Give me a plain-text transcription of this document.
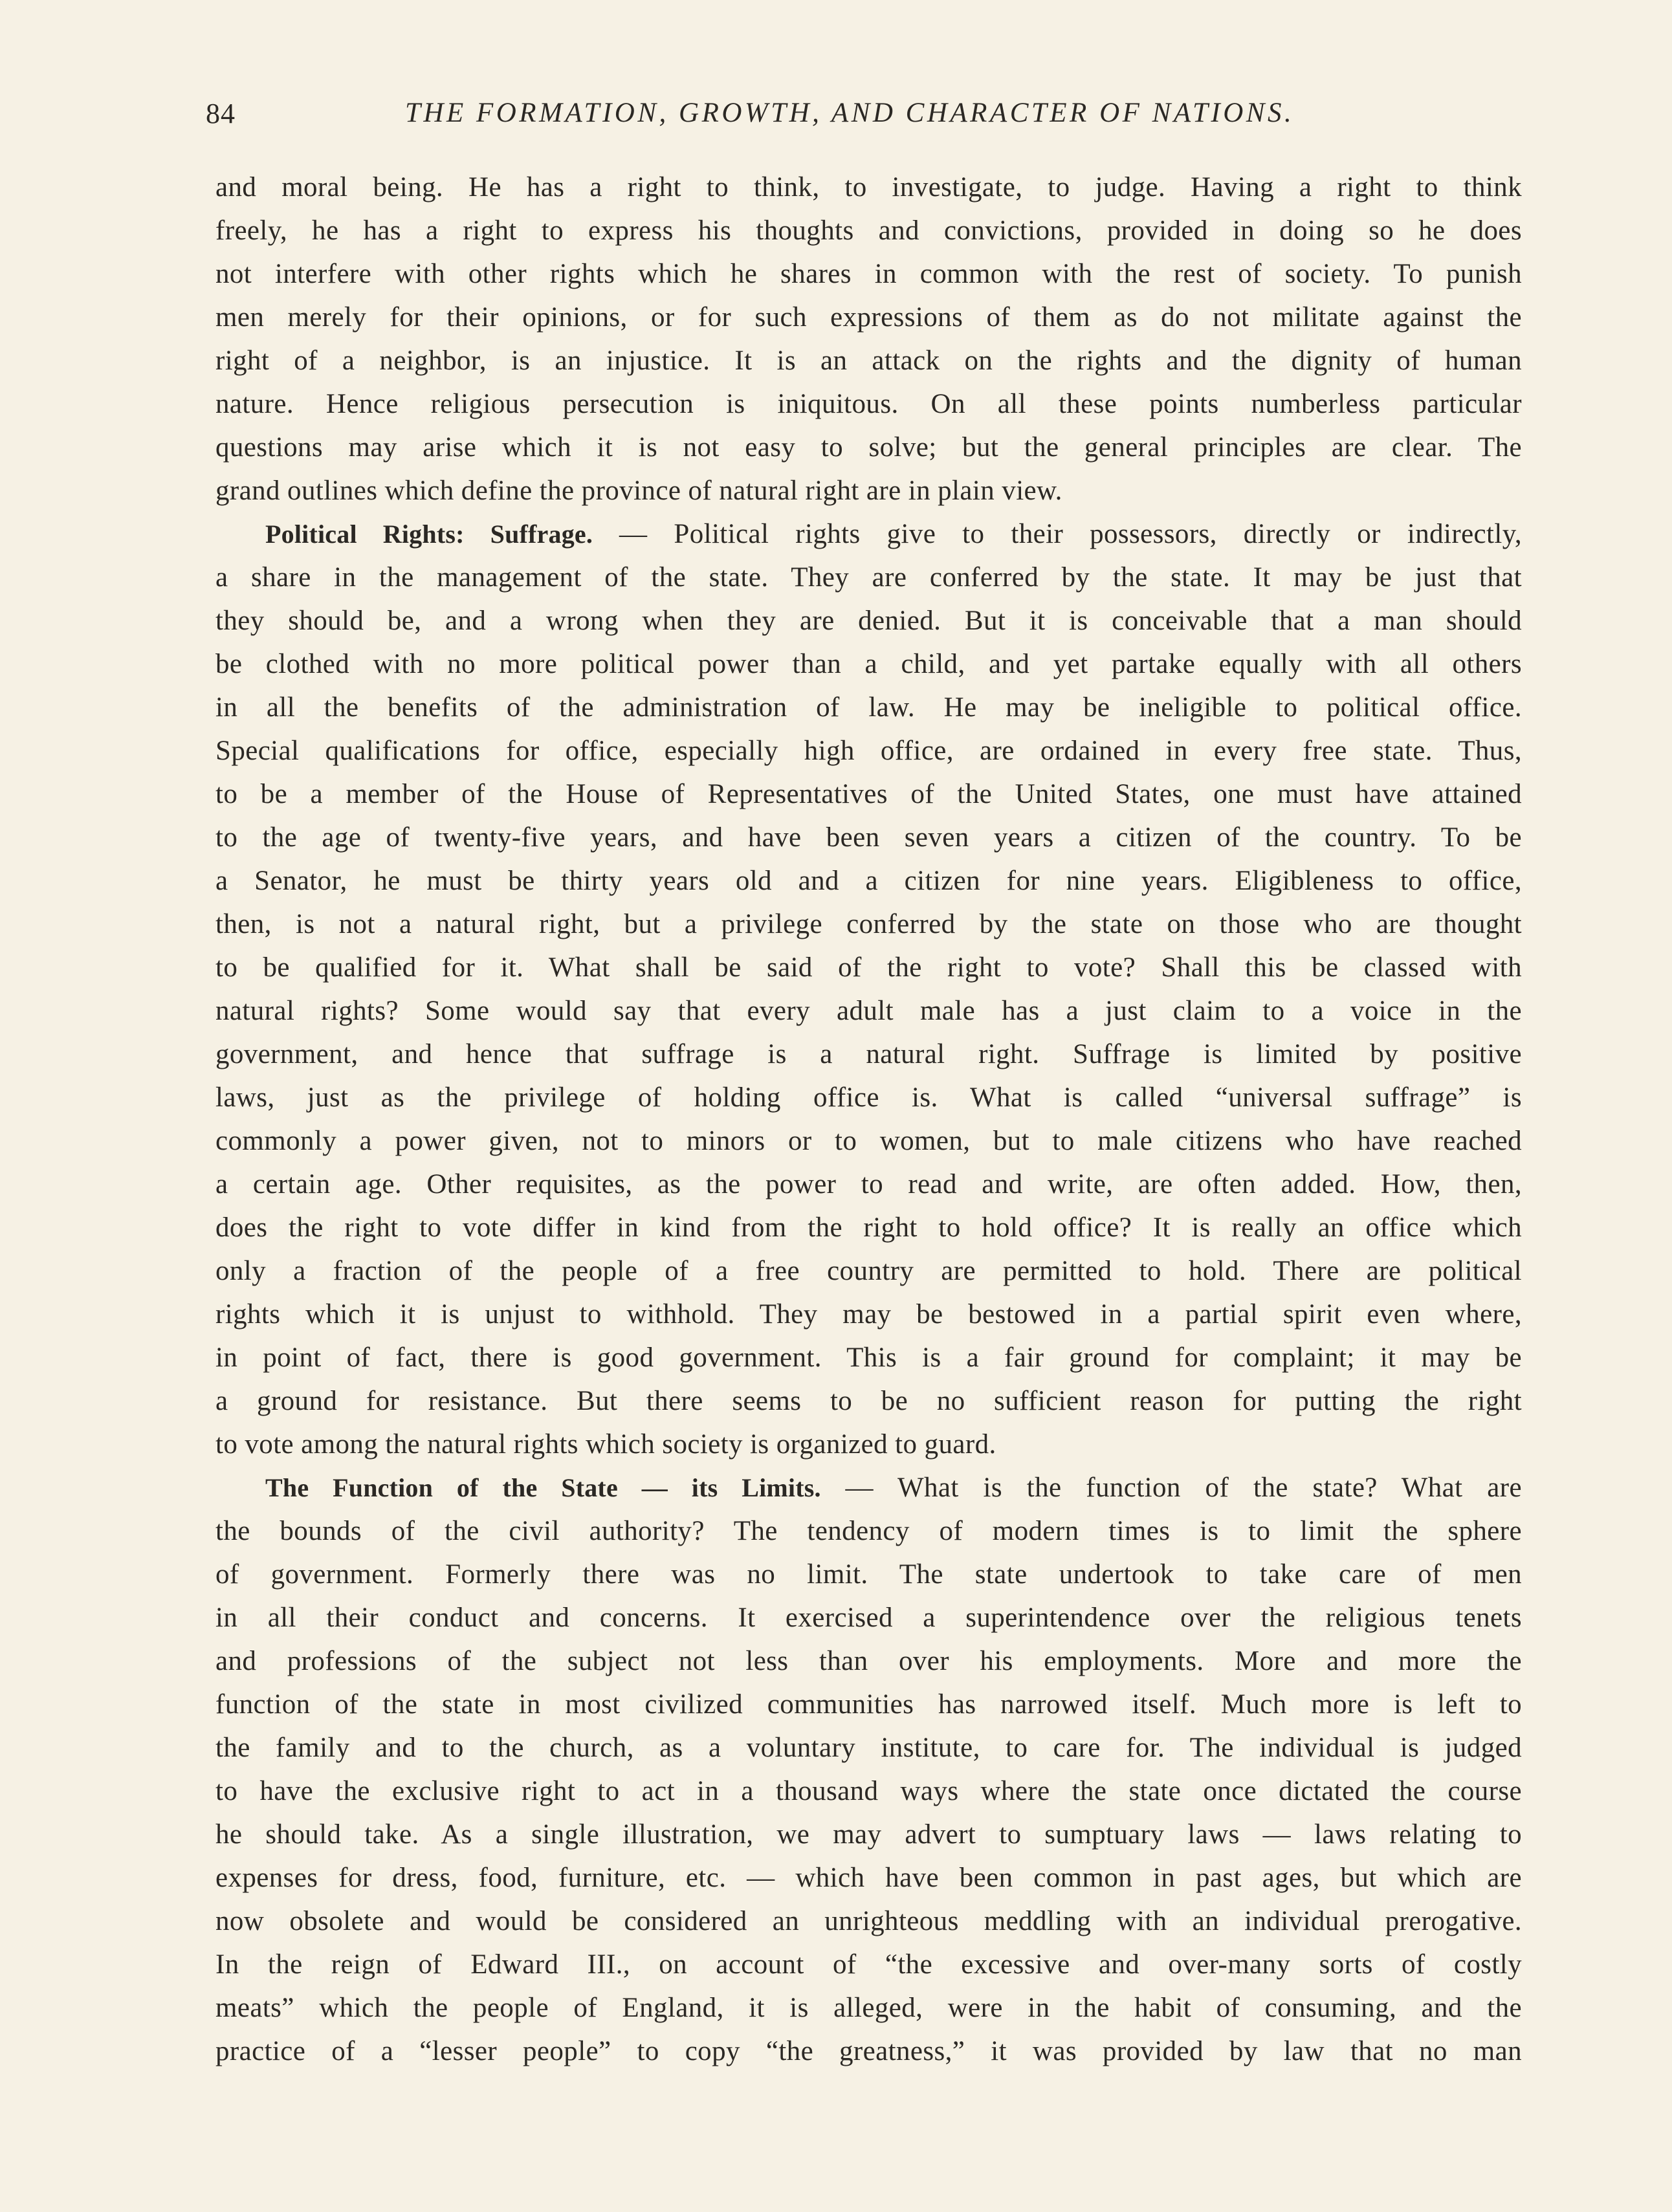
84	THE FORMATION, GROWTH, AND CHARACTER OF NATIONS.
and moral being. He has a right to think, to investigate, to judge. Having a right to think
freely, he has a right to express his thoughts and convictions, provided in doing so he does
not interfere with other rights which he shares in common with the rest of society. To punish
men merely for their opinions, or for such expressions of them as do not militate against the
right of a neighbor, is an injustice. It is an attack on the rights and the dignity of human
nature. Hence religious persecution is iniquitous. On all these points numberless particular
questions may arise which it is not easy to solve; but the general principles are clear. The
grand outlines which define the province of natural right are in plain view.
Political Rights: Suffrage. — Political rights give to their possessors, directly or indirectly,
a share in the management of the state. They are conferred by the state. It may be just that
they should be, and a wrong when they are denied. But it is conceivable that a man should
be clothed with no more political power than a child, and yet partake equally with all others
in all the benefits of the administration of law. He may be ineligible to political office.
Special qualifications for office, especially high office, are ordained in every free state. Thus,
to be a member of the House of Representatives of the United States, one must have attained
to the age of twenty-five years, and have been seven years a citizen of the country. To be
a Senator, he must be thirty years old and a citizen for nine years. Eligibleness to office,
then, is not a natural right, but a privilege conferred by the state on those who are thought
to be qualified for it. What shall be said of the right to vote? Shall this be classed with
natural rights? Some would say that every adult male has a just claim to a voice in the
government, and hence that suffrage is a natural right. Suffrage is limited by positive
laws, just as the privilege of holding office is. What is called “universal suffrage” is
commonly a power given, not to minors or to women, but to male citizens who have reached
a certain age. Other requisites, as the power to read and write, are often added. How, then,
does the right to vote differ in kind from the right to hold office? It is really an office which
only a fraction of the people of a free country are permitted to hold. There are political
rights which it is unjust to withhold. They may be bestowed in a partial spirit even where,
in point of fact, there is good government. This is a fair ground for complaint; it may be
a ground for resistance. But there seems to be no sufficient reason for putting the right
to vote among the natural rights which society is organized to guard.
The Function of the State — its Limits. — What is the function of the state? What are
the bounds of the civil authority? The tendency of modern times is to limit the sphere
of government. Formerly there was no limit. The state undertook to take care of men
in all their conduct and concerns. It exercised a superintendence over the religious tenets
and professions of the subject not less than over his employments. More and more the
function of the state in most civilized communities has narrowed itself. Much more is left to
the family and to the church, as a voluntary institute, to care for. The individual is judged
to have the exclusive right to act in a thousand ways where the state once dictated the course
he should take. As a single illustration, we may advert to sumptuary laws — laws relating to
expenses for dress, food, furniture, etc. — which have been common in past ages, but which are
now obsolete and would be considered an unrighteous meddling with an individual prerogative.
In the reign of Edward III., on account of “the excessive and over-many sorts of costly
meats” which the people of England, it is alleged, were in the habit of consuming, and the
practice of a “lesser people” to copy “the greatness,” it was provided by law that no man
